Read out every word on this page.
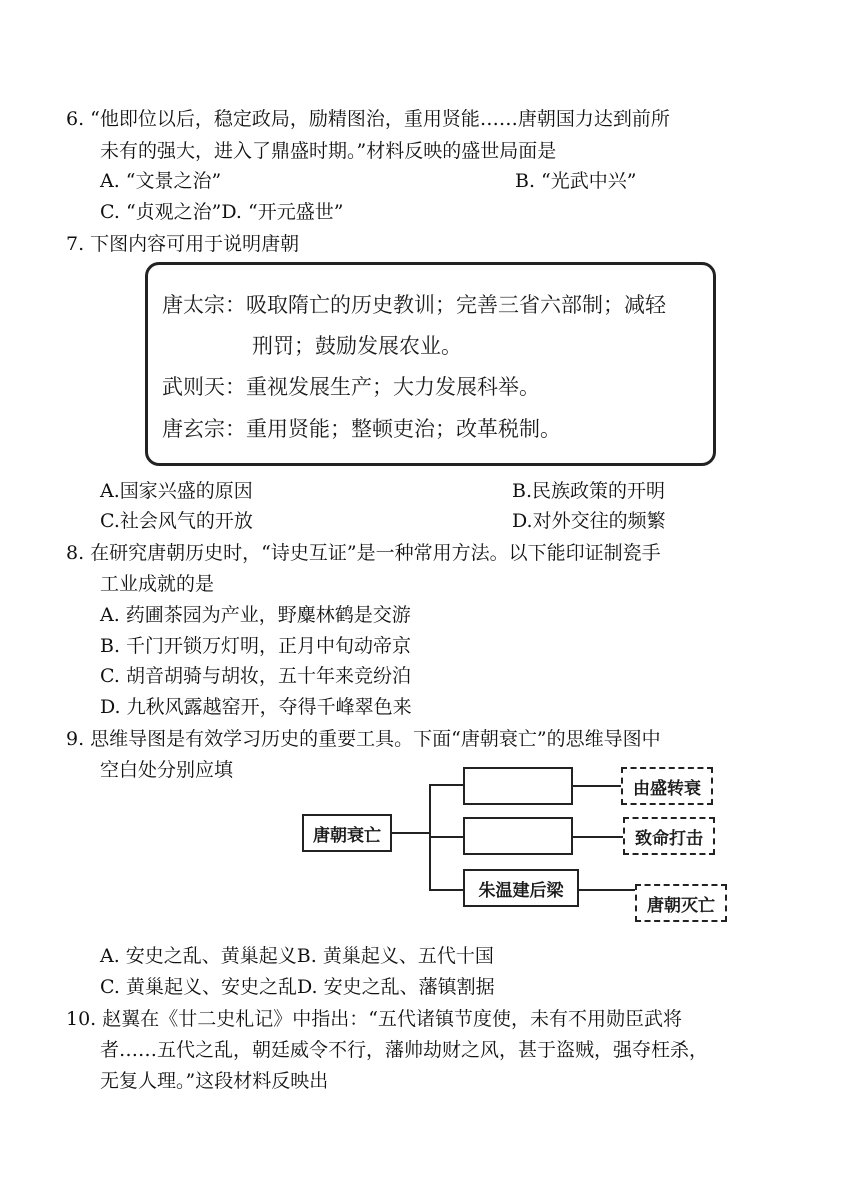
6. “他即位以后，稳定政局，励精图治，重用贤能……唐朝国力达到前所
未有的强大，进入了鼎盛时期。”材料反映的盛世局面是
A. “文景之治”	B. “光武中兴”
C. “贞观之治”D. “开元盛世”
7. 下图内容可用于说明唐朝
唐太宗：吸取隋亡的历史教训；完善三省六部制；减轻
刑罚；鼓励发展农业。
武则天：重视发展生产；大力发展科举。
唐玄宗：重用贤能；整顿吏治；改革税制。
A.国家兴盛的原因	B.民族政策的开明
C.社会风气的开放	D.对外交往的频繁
8. 在研究唐朝历史时，“诗史互证”是一种常用方法。以下能印证制瓷手
工业成就的是
A. 药圃茶园为产业，野麋林鹤是交游
B. 千门开锁万灯明，正月中旬动帝京
C. 胡音胡骑与胡妆，五十年来竞纷泊
D. 九秋风露越窑开，夺得千峰翠色来
9. 思维导图是有效学习历史的重要工具。下面“唐朝衰亡”的思维导图中
空白处分别应填
唐朝衰亡
朱温建后梁
由盛转衰
致命打击
唐朝灭亡
A. 安史之乱、黄巢起义B. 黄巢起义、五代十国
C. 黄巢起义、安史之乱D. 安史之乱、藩镇割据
10. 赵翼在《廿二史札记》中指出：“五代诸镇节度使，未有不用勋臣武将
者……五代之乱，朝廷威令不行，藩帅劫财之风，甚于盗贼，强夺枉杀，
无复人理。”这段材料反映出
